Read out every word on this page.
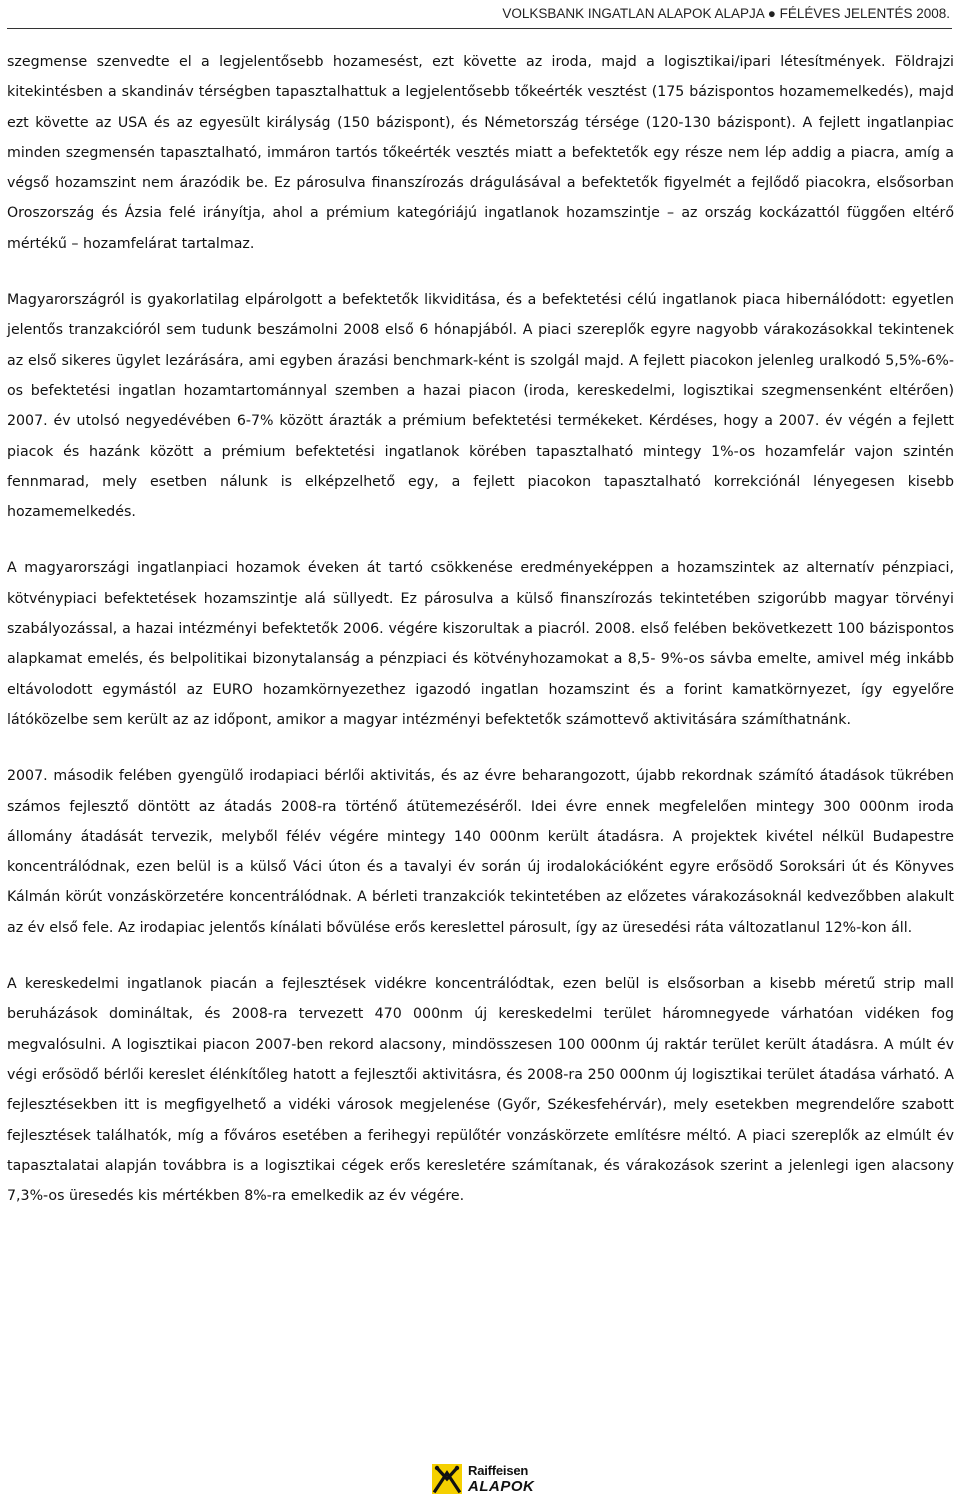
VOLKSBANK INGATLAN ALAPOK ALAPJA ● FÉLÉVES JELENTÉS 2008.

szegmense szenvedte el a legjelentősebb hozamesést, ezt követte az iroda, majd a logisztikai/ipari létesítmények. Földrajzi kitekintésben a skandináv térségben tapasztalhattuk a legjelentősebb tőkeérték vesztést (175 bázispontos hozamemelkedés), majd ezt követte az USA és az egyesült királyság (150 bázispont), és Németország térsége (120-130 bázispont). A fejlett ingatlanpiac minden szegmensén tapasztalható, immáron tartós tőkeérték vesztés miatt a befektetők egy része nem lép addig a piacra, amíg a végső hozamszint nem árazódik be. Ez párosulva finanszírozás drágulásával a befektetők figyelmét a fejlődő piacokra, elsősorban Oroszország és Ázsia felé irányítja, ahol a prémium kategóriájú ingatlanok hozamszintje – az ország kockázattól függően eltérő mértékű – hozamfelárat tartalmaz.

Magyarországról is gyakorlatilag elpárolgott a befektetők likviditása, és a befektetési célú ingatlanok piaca hibernálódott: egyetlen jelentős tranzakcióról sem tudunk beszámolni 2008 első 6 hónapjából. A piaci szereplők egyre nagyobb várakozásokkal tekintenek az első sikeres ügylet lezárására, ami egyben árazási benchmark-ként is szolgál majd. A fejlett piacokon jelenleg uralkodó 5,5%-6%-os befektetési ingatlan hozamtartománnyal szemben a hazai piacon (iroda, kereskedelmi, logisztikai szegmensenként eltérően) 2007. év utolsó negyedévében 6-7% között árazták a prémium befektetési termékeket. Kérdéses, hogy a 2007. év végén a fejlett piacok és hazánk között a prémium befektetési ingatlanok körében tapasztalható mintegy 1%-os hozamfelár vajon szintén fennmarad, mely esetben nálunk is elképzelhető egy, a fejlett piacokon tapasztalható korrekciónál lényegesen kisebb hozamemelkedés.

A magyarországi ingatlanpiaci hozamok éveken át tartó csökkenése eredményeképpen a hozamszintek az alternatív pénzpiaci, kötvénypiaci befektetések hozamszintje alá süllyedt. Ez párosulva a külső finanszírozás tekintetében szigorúbb magyar törvényi szabályozással, a hazai intézményi befektetők 2006. végére kiszorultak a piacról. 2008. első felében bekövetkezett 100 bázispontos alapkamat emelés, és belpolitikai bizonytalanság a pénzpiaci és kötvényhozamokat a 8,5- 9%-os sávba emelte, amivel még inkább eltávolodott egymástól az EURO hozamkörnyezethez igazodó ingatlan hozamszint és a forint kamatkörnyezet, így egyelőre látóközelbe sem került az az időpont, amikor a magyar intézményi befektetők számottevő aktivitására számíthatnánk.

2007. második felében gyengülő irodapiaci bérlői aktivitás, és az évre beharangozott, újabb rekordnak számító átadások tükrében számos fejlesztő döntött az átadás 2008-ra történő átütemezéséről. Idei évre ennek megfelelően mintegy 300 000nm iroda állomány átadását tervezik, melyből félév végére mintegy 140 000nm került átadásra. A projektek kivétel nélkül Budapestre koncentrálódnak, ezen belül is a külső Váci úton és a tavalyi év során új irodalokációként egyre erősödő Soroksári út és Könyves Kálmán körút vonzáskörzetére koncentrálódnak. A bérleti tranzakciók tekintetében az előzetes várakozásoknál kedvezőbben alakult az év első fele. Az irodapiac jelentős kínálati bővülése erős kereslettel párosult, így az üresedési ráta változatlanul 12%-kon áll.

A kereskedelmi ingatlanok piacán a fejlesztések vidékre koncentrálódtak, ezen belül is elsősorban a kisebb méretű strip mall beruházások domináltak, és 2008-ra tervezett 470 000nm új kereskedelmi terület háromnegyede várhatóan vidéken fog megvalósulni. A logisztikai piacon 2007-ben rekord alacsony, mindösszesen 100 000nm új raktár terület került átadásra. A múlt év végi erősödő bérlői kereslet élénkítőleg hatott a fejlesztői aktivitásra, és 2008-ra 250 000nm új logisztikai terület átadása várható. A fejlesztésekben itt is megfigyelhető a vidéki városok megjelenése (Győr, Székesfehérvár), mely esetekben megrendelőre szabott fejlesztések találhatók, míg a főváros esetében a ferihegyi repülőtér vonzáskörzete említésre méltó. A piaci szereplők az elmúlt év tapasztalatai alapján továbbra is a logisztikai cégek erős keresletére számítanak, és várakozások szerint a jelenlegi igen alacsony 7,3%-os üresedés kis mértékben 8%-ra emelkedik az év végére.

Raiffeisen
ALAPOK
